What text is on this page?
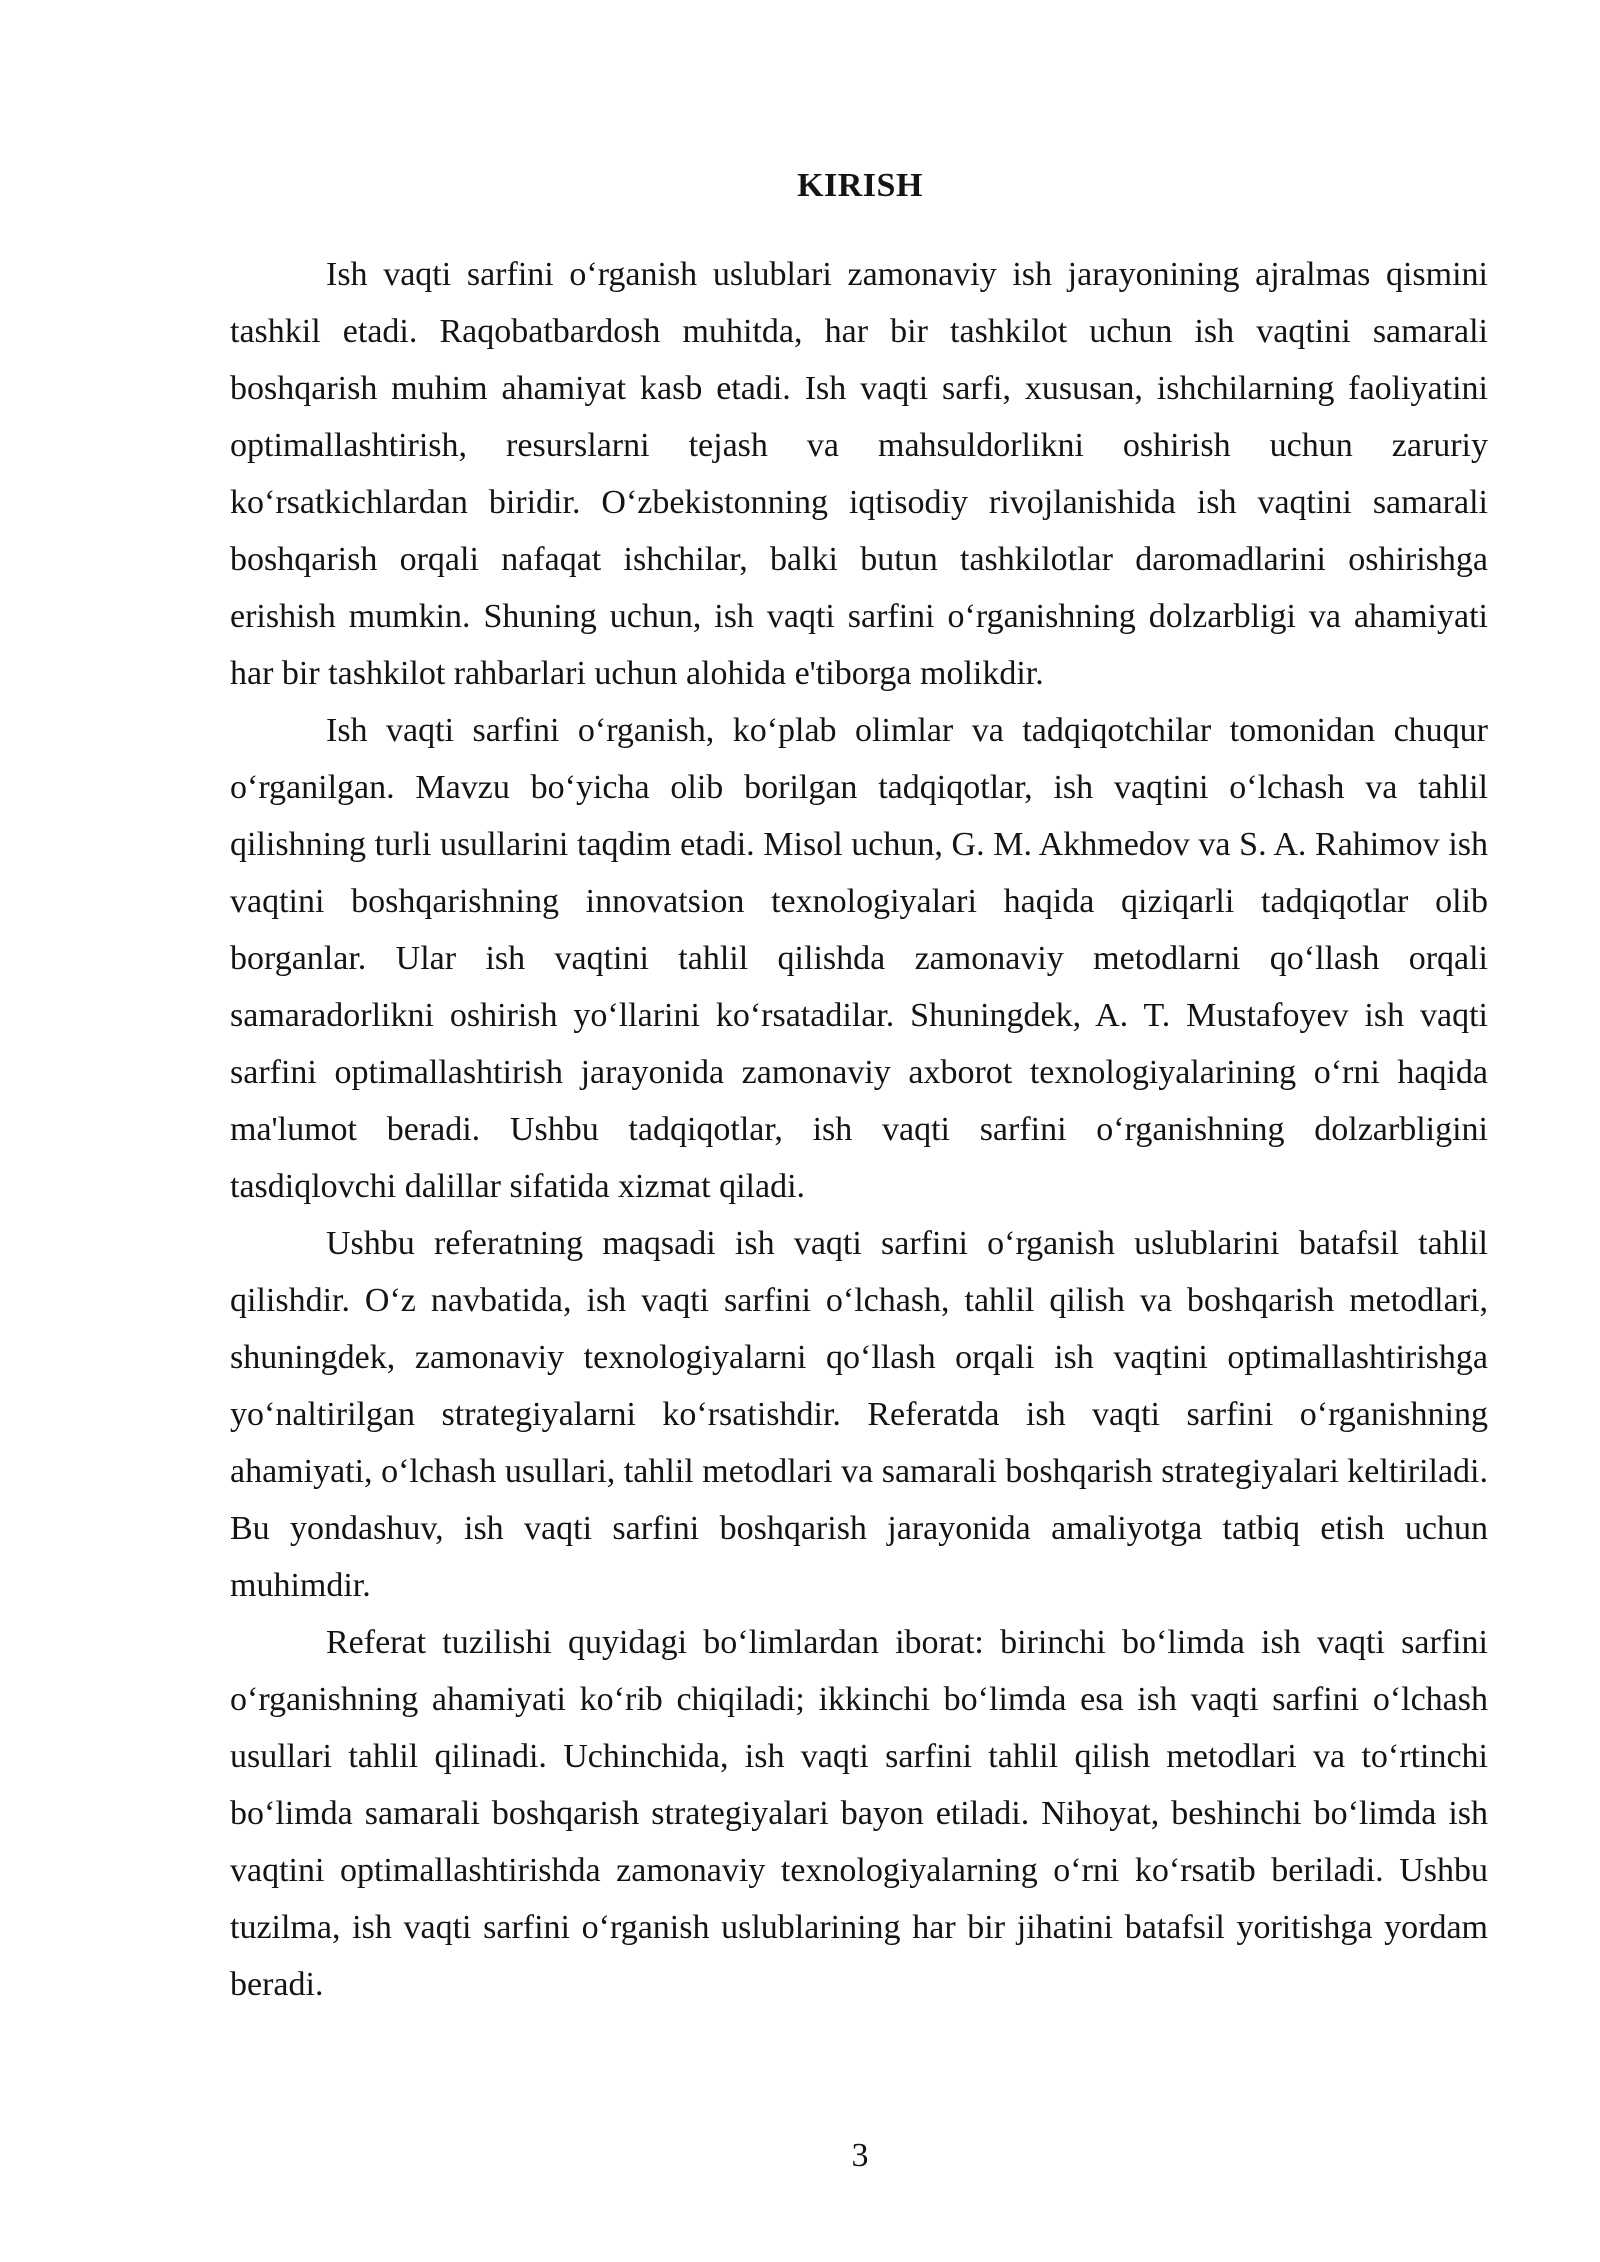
KIRISH

Ish vaqti sarfini oʻrganish uslublari zamonaviy ish jarayonining ajralmas qismini tashkil etadi. Raqobatbardosh muhitda, har bir tashkilot uchun ish vaqtini samarali boshqarish muhim ahamiyat kasb etadi. Ish vaqti sarfi, xususan, ishchilarning faoliyatini optimallashtirish, resurslarni tejash va mahsuldorlikni oshirish uchun zaruriy koʻrsatkichlardan biridir. Oʻzbekistonning iqtisodiy rivojlanishida ish vaqtini samarali boshqarish orqali nafaqat ishchilar, balki butun tashkilotlar daromadlarini oshirishga erishish mumkin. Shuning uchun, ish vaqti sarfini oʻrganishning dolzarbligi va ahamiyati har bir tashkilot rahbarlari uchun alohida e'tiborga molikdir.

Ish vaqti sarfini oʻrganish, koʻplab olimlar va tadqiqotchilar tomonidan chuqur oʻrganilgan. Mavzu boʻyicha olib borilgan tadqiqotlar, ish vaqtini oʻlchash va tahlil qilishning turli usullarini taqdim etadi. Misol uchun, G. M. Akhmedov va S. A. Rahimov ish vaqtini boshqarishning innovatsion texnologiyalari haqida qiziqarli tadqiqotlar olib borganlar. Ular ish vaqtini tahlil qilishda zamonaviy metodlarni qoʻllash orqali samaradorlikni oshirish yoʻllarini koʻrsatadilar. Shuningdek, A. T. Mustafoyev ish vaqti sarfini optimallashtirish jarayonida zamonaviy axborot texnologiyalarining oʻrni haqida ma'lumot beradi. Ushbu tadqiqotlar, ish vaqti sarfini oʻrganishning dolzarbligini tasdiqlovchi dalillar sifatida xizmat qiladi.

Ushbu referatning maqsadi ish vaqti sarfini oʻrganish uslublarini batafsil tahlil qilishdir. Oʻz navbatida, ish vaqti sarfini oʻlchash, tahlil qilish va boshqarish metodlari, shuningdek, zamonaviy texnologiyalarni qoʻllash orqali ish vaqtini optimallashtirishga yoʻnaltirilgan strategiyalarni koʻrsatishdir. Referatda ish vaqti sarfini oʻrganishning ahamiyati, oʻlchash usullari, tahlil metodlari va samarali boshqarish strategiyalari keltiriladi. Bu yondashuv, ish vaqti sarfini boshqarish jarayonida amaliyotga tatbiq etish uchun muhimdir.

Referat tuzilishi quyidagi boʻlimlardan iborat: birinchi boʻlimda ish vaqti sarfini oʻrganishning ahamiyati koʻrib chiqiladi; ikkinchi boʻlimda esa ish vaqti sarfini oʻlchash usullari tahlil qilinadi. Uchinchida, ish vaqti sarfini tahlil qilish metodlari va toʻrtinchi boʻlimda samarali boshqarish strategiyalari bayon etiladi. Nihoyat, beshinchi boʻlimda ish vaqtini optimallashtirishda zamonaviy texnologiyalarning oʻrni koʻrsatib beriladi. Ushbu tuzilma, ish vaqti sarfini oʻrganish uslublarining har bir jihatini batafsil yoritishga yordam beradi.

3
